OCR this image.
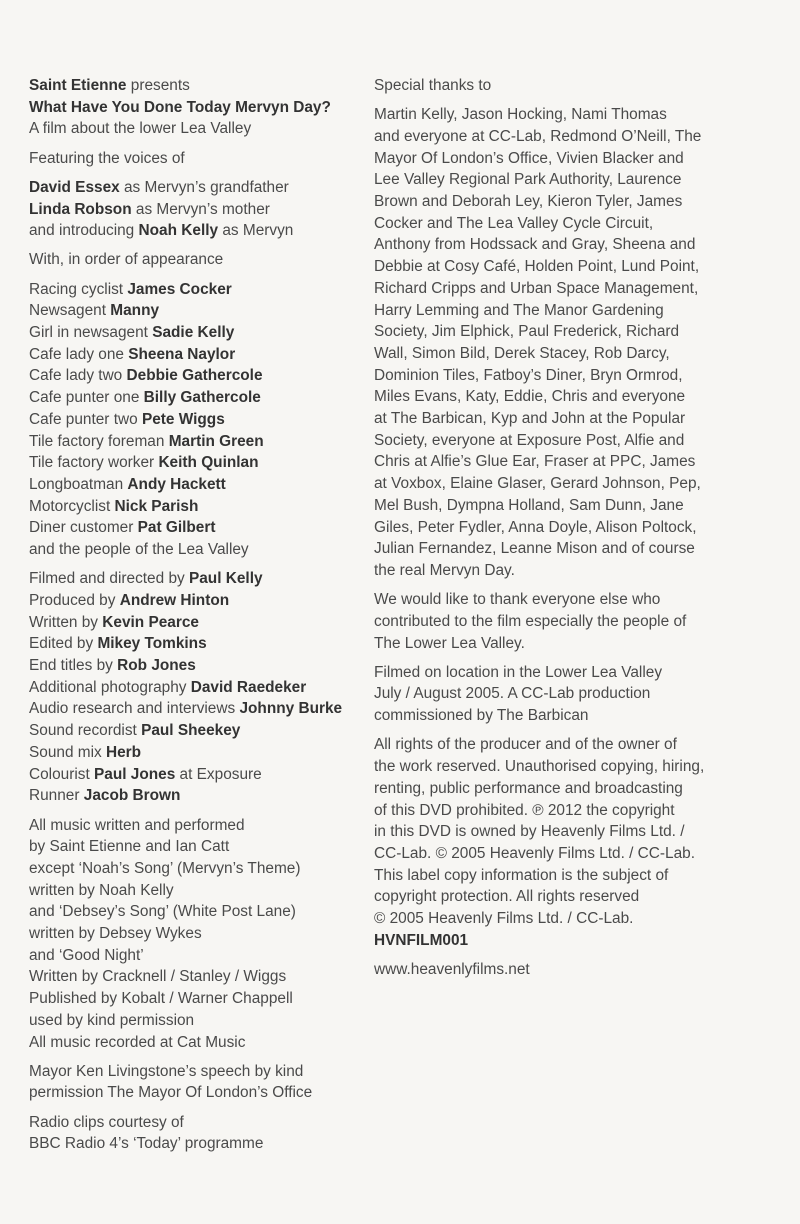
Saint Etienne presents
What Have You Done Today Mervyn Day?
A film about the lower Lea Valley
Featuring the voices of
David Essex as Mervyn’s grandfather
Linda Robson as Mervyn’s mother
and introducing Noah Kelly as Mervyn
With, in order of appearance
Racing cyclist James Cocker
Newsagent Manny
Girl in newsagent Sadie Kelly
Cafe lady one Sheena Naylor
Cafe lady two Debbie Gathercole
Cafe punter one Billy Gathercole
Cafe punter two Pete Wiggs
Tile factory foreman Martin Green
Tile factory worker Keith Quinlan
Longboatman Andy Hackett
Motorcyclist Nick Parish
Diner customer Pat Gilbert
and the people of the Lea Valley
Filmed and directed by Paul Kelly
Produced by Andrew Hinton
Written by Kevin Pearce
Edited by Mikey Tomkins
End titles by Rob Jones
Additional photography David Raedeker
Audio research and interviews Johnny Burke
Sound recordist Paul Sheekey
Sound mix Herb
Colourist Paul Jones at Exposure
Runner Jacob Brown
All music written and performed
by Saint Etienne and Ian Catt
except ‘Noah’s Song’ (Mervyn’s Theme)
written by Noah Kelly
and ‘Debsey’s Song’ (White Post Lane)
written by Debsey Wykes
and ‘Good Night’
Written by Cracknell / Stanley / Wiggs
Published by Kobalt / Warner Chappell
used by kind permission
All music recorded at Cat Music
Mayor Ken Livingstone’s speech by kind
permission The Mayor Of London’s Office
Radio clips courtesy of
BBC Radio 4’s ‘Today’ programme
Special thanks to
Martin Kelly, Jason Hocking, Nami Thomas
and everyone at CC-Lab, Redmond O’Neill, The
Mayor Of London’s Office, Vivien Blacker and
Lee Valley Regional Park Authority, Laurence
Brown and Deborah Ley, Kieron Tyler, James
Cocker and The Lea Valley Cycle Circuit,
Anthony from Hodssack and Gray, Sheena and
Debbie at Cosy Café, Holden Point, Lund Point,
Richard Cripps and Urban Space Management,
Harry Lemming and The Manor Gardening
Society, Jim Elphick, Paul Frederick, Richard
Wall, Simon Bild, Derek Stacey, Rob Darcy,
Dominion Tiles, Fatboy’s Diner, Bryn Ormrod,
Miles Evans, Katy, Eddie, Chris and everyone
at The Barbican, Kyp and John at the Popular
Society, everyone at Exposure Post, Alfie and
Chris at Alfie’s Glue Ear, Fraser at PPC, James
at Voxbox, Elaine Glaser, Gerard Johnson, Pep,
Mel Bush, Dympna Holland, Sam Dunn, Jane
Giles, Peter Fydler, Anna Doyle, Alison Poltock,
Julian Fernandez, Leanne Mison and of course
the real Mervyn Day.
We would like to thank everyone else who
contributed to the film especially the people of
The Lower Lea Valley.
Filmed on location in the Lower Lea Valley
July / August 2005. A CC-Lab production
commissioned by The Barbican
All rights of the producer and of the owner of
the work reserved. Unauthorised copying, hiring,
renting, public performance and broadcasting
of this DVD prohibited. ℗ 2012 the copyright
in this DVD is owned by Heavenly Films Ltd. /
CC-Lab. © 2005 Heavenly Films Ltd. / CC-Lab.
This label copy information is the subject of
copyright protection. All rights reserved
© 2005 Heavenly Films Ltd. / CC-Lab.
HVNFILM001
www.heavenlyfilms.net
